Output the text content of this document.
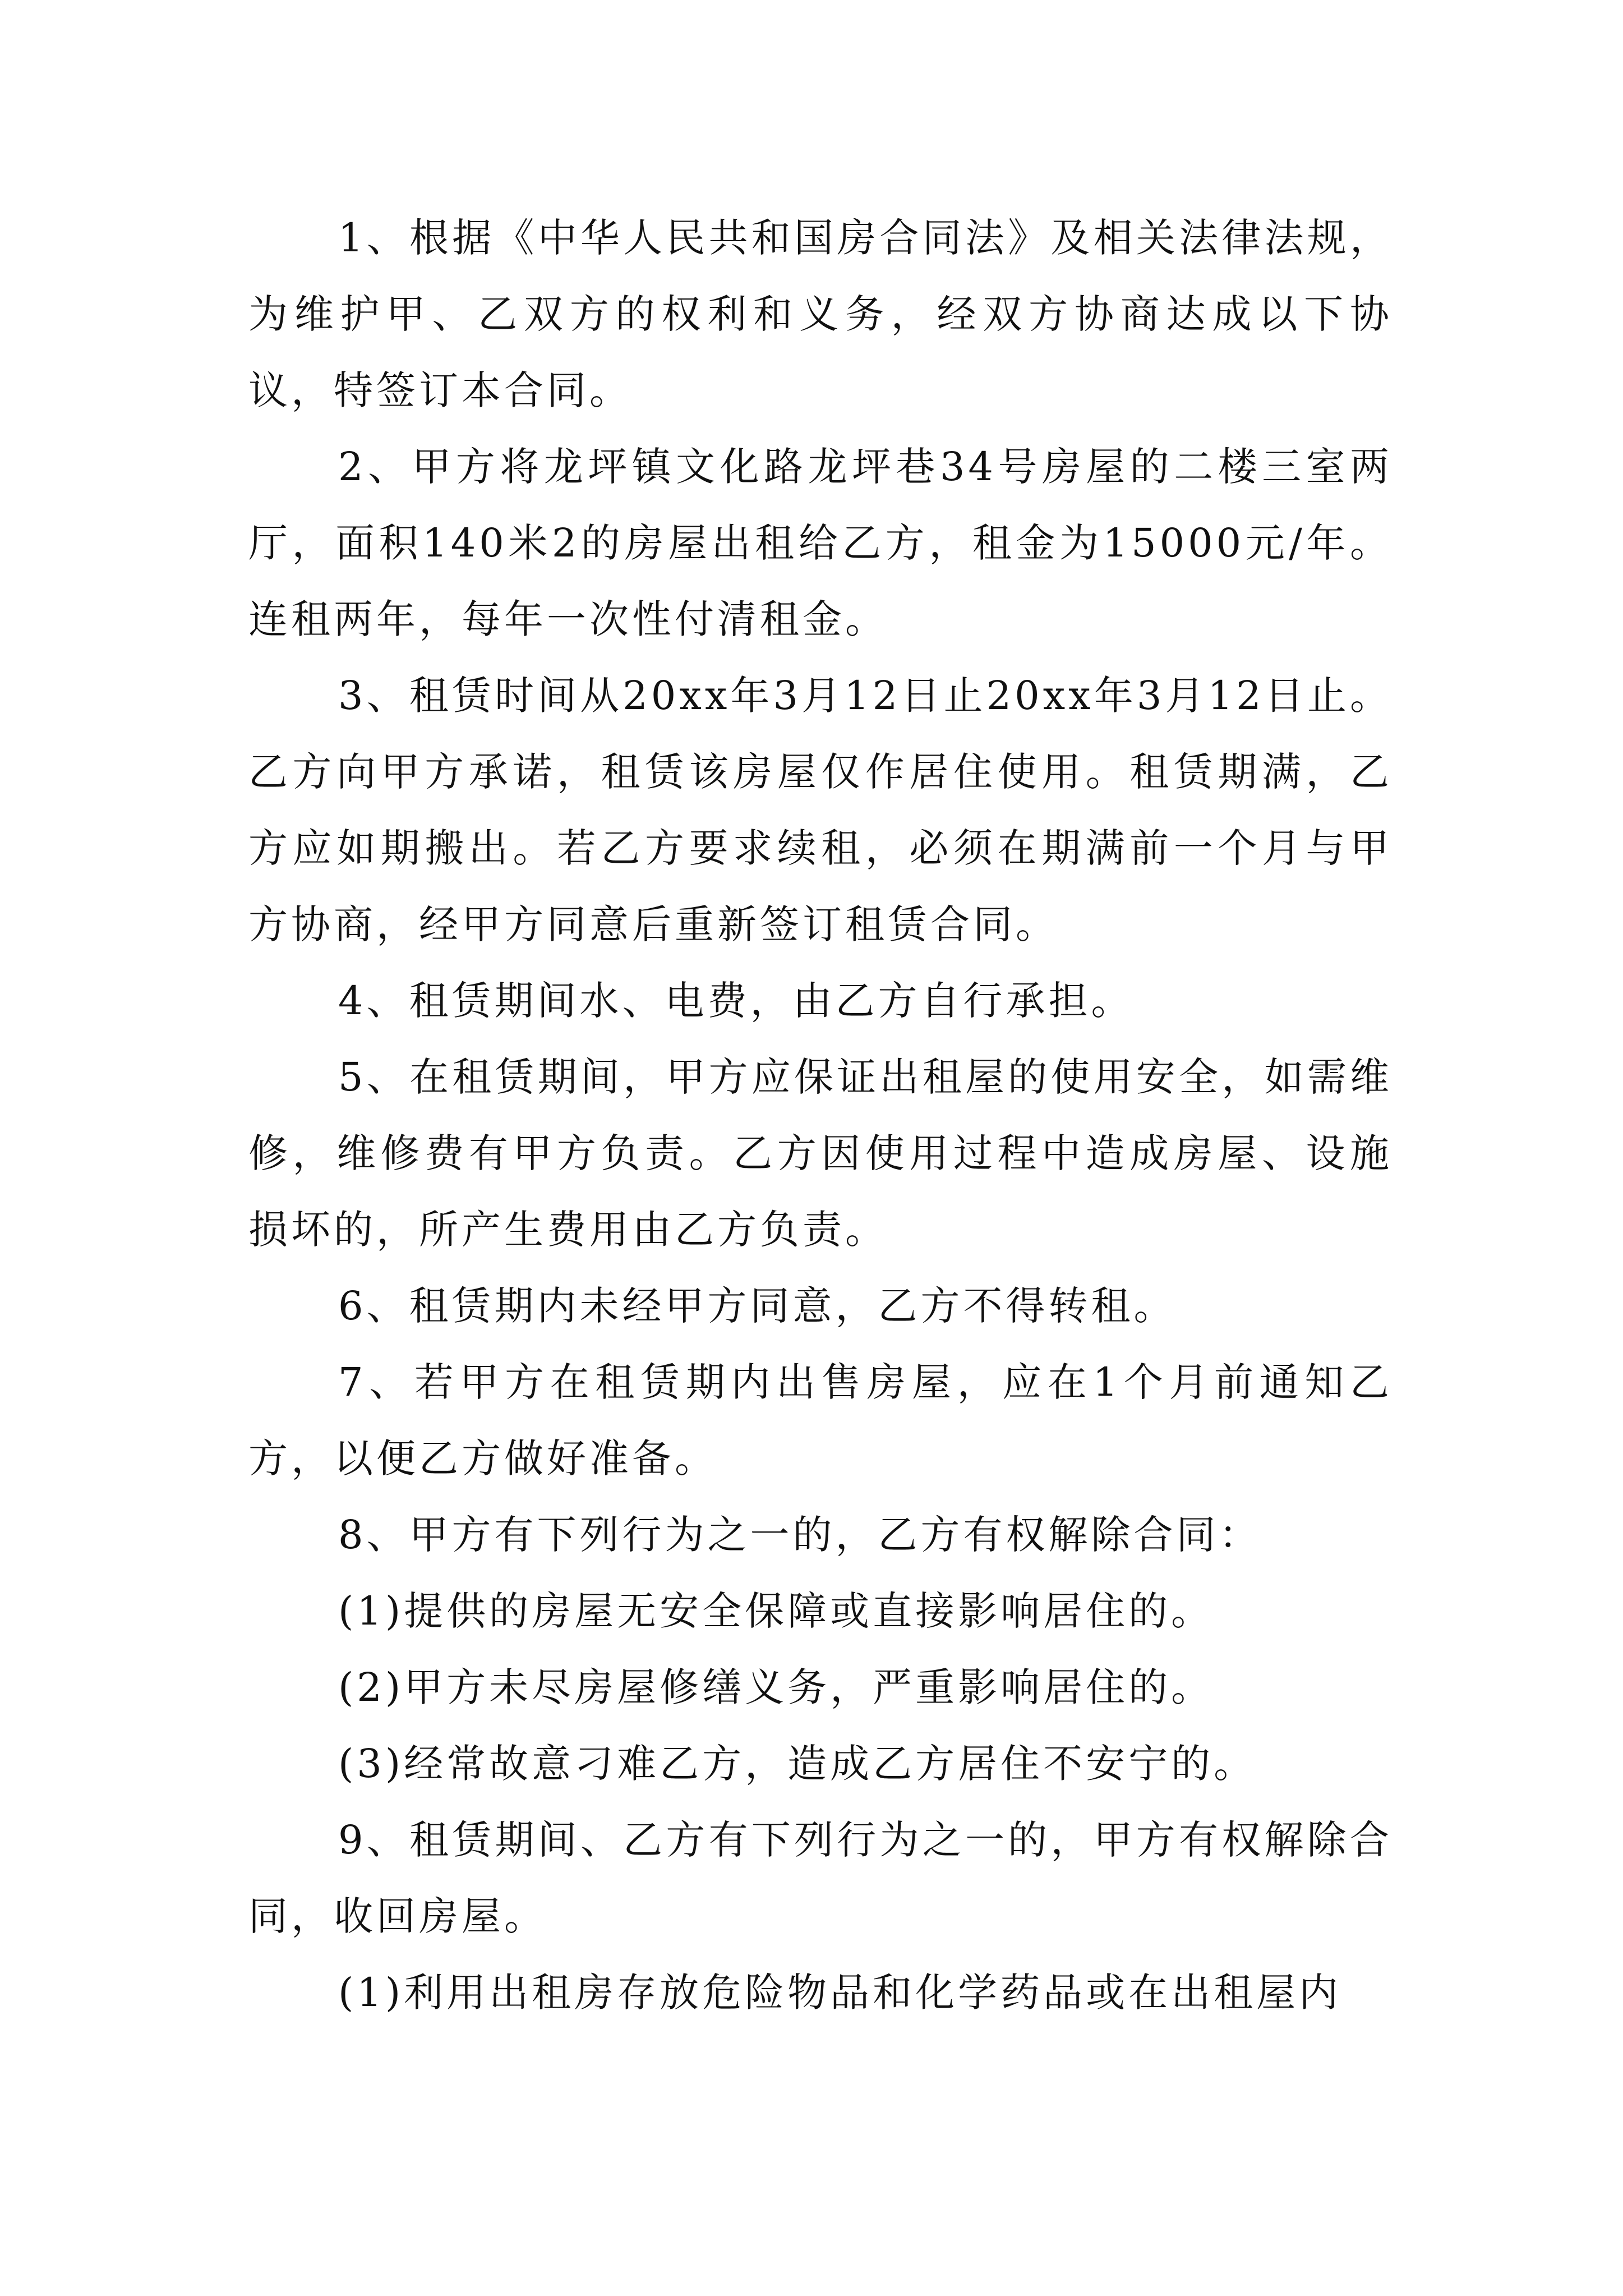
1、根据《中华人民共和国房合同法》及相关法律法规，为维护甲、乙双方的权利和义务，经双方协商达成以下协议，特签订本合同。

2、甲方将龙坪镇文化路龙坪巷34号房屋的二楼三室两厅，面积140米2的房屋出租给乙方，租金为15000元/年。连租两年，每年一次性付清租金。

3、租赁时间从20xx年3月12日止20xx年3月12日止。乙方向甲方承诺，租赁该房屋仅作居住使用。租赁期满，乙方应如期搬出。若乙方要求续租，必须在期满前一个月与甲方协商，经甲方同意后重新签订租赁合同。

4、租赁期间水、电费，由乙方自行承担。

5、在租赁期间，甲方应保证出租屋的使用安全，如需维修，维修费有甲方负责。乙方因使用过程中造成房屋、设施损坏的，所产生费用由乙方负责。

6、租赁期内未经甲方同意，乙方不得转租。

7、若甲方在租赁期内出售房屋，应在1个月前通知乙方，以便乙方做好准备。

8、甲方有下列行为之一的，乙方有权解除合同：

(1)提供的房屋无安全保障或直接影响居住的。

(2)甲方未尽房屋修缮义务，严重影响居住的。

(3)经常故意刁难乙方，造成乙方居住不安宁的。

9、租赁期间、乙方有下列行为之一的，甲方有权解除合同，收回房屋。

(1)利用出租房存放危险物品和化学药品或在出租屋内
